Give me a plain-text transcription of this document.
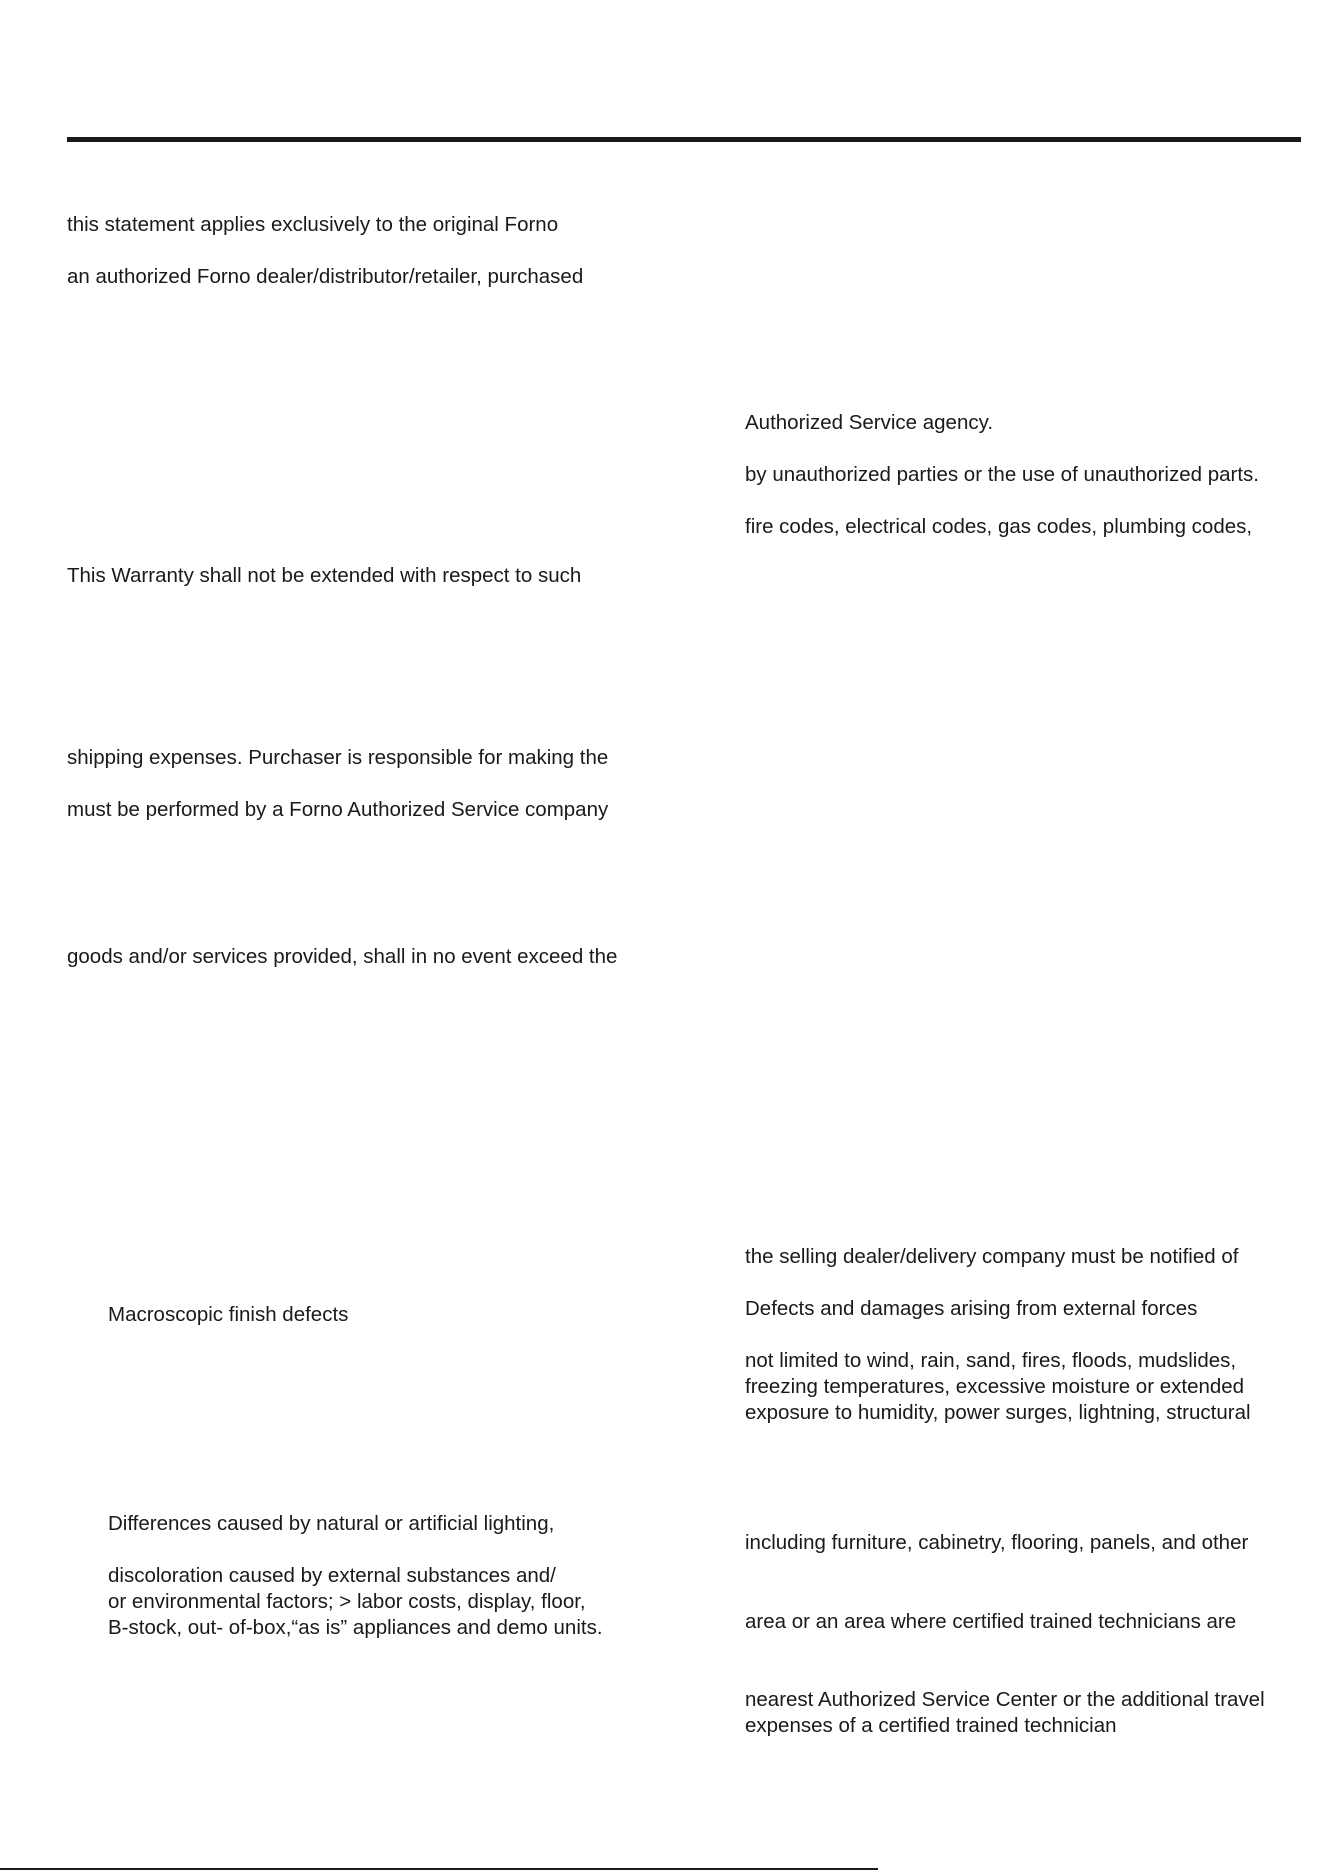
this statement applies exclusively to the original Forno
an authorized Forno dealer/distributor/retailer, purchased
This Warranty shall not be extended with respect to such
shipping expenses. Purchaser is responsible for making the
must be performed by a Forno Authorized Service company
goods and/or services provided, shall in no event exceed the
Macroscopic finish defects
Differences caused by natural or artificial lighting,
discoloration caused by external substances and/
or environmental factors; > labor costs, display, floor,
B-stock, out- of-box,“as is” appliances and demo units.
Authorized Service agency.
by unauthorized parties or the use of unauthorized parts.
fire codes, electrical codes, gas codes, plumbing codes,
the selling dealer/delivery company must be notified of
Defects and damages arising from external forces
not limited to wind, rain, sand, fires, floods, mudslides,
freezing temperatures, excessive moisture or extended
exposure to humidity, power surges, lightning, structural
including furniture, cabinetry, flooring, panels, and other
area or an area where certified trained technicians are
nearest Authorized Service Center or the additional travel
expenses of a certified trained technician
